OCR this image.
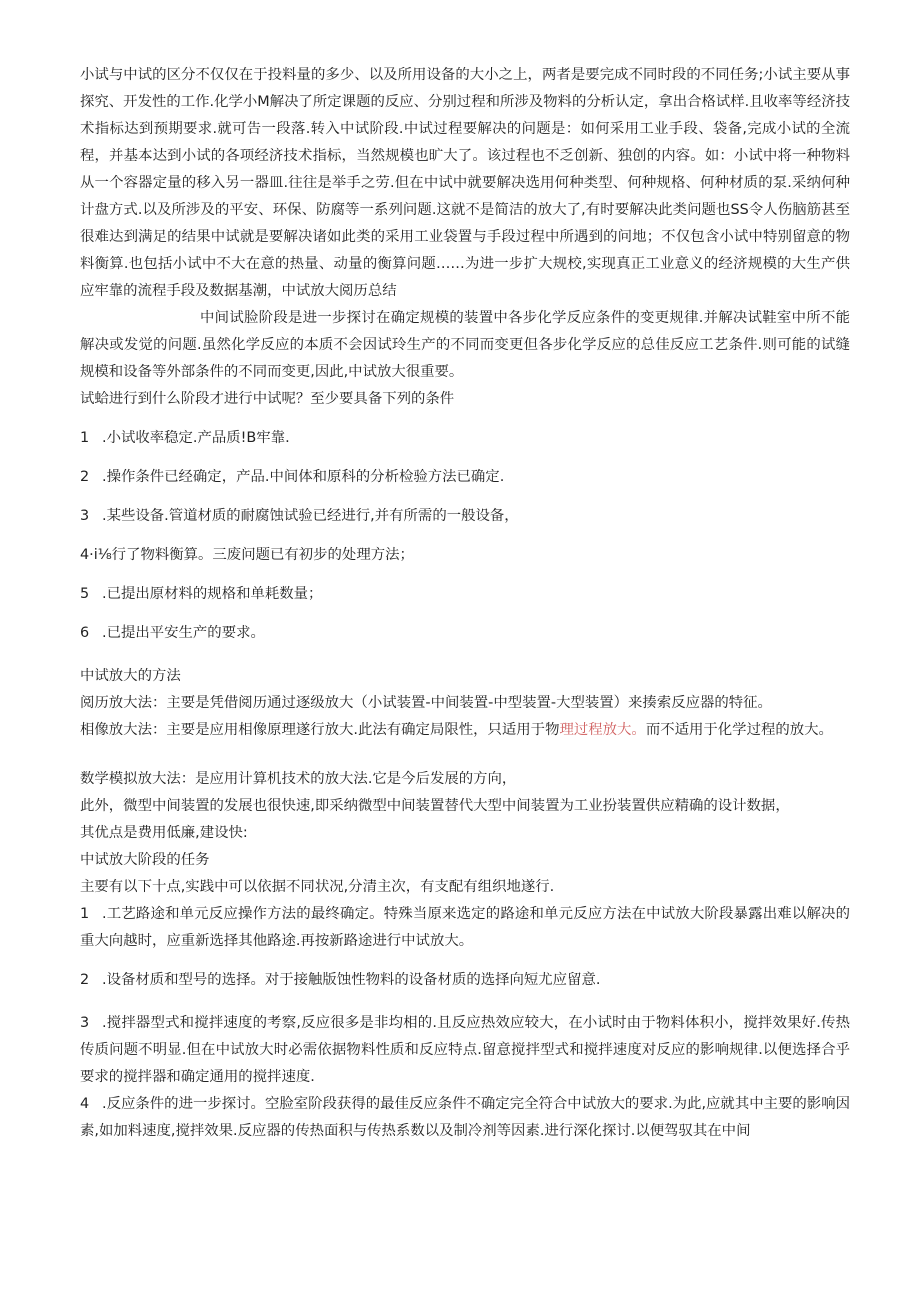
小试与中试的区分不仅仅在于投料量的多少、以及所用设备的大小之上，两者是要完成不同时段的不同任务;小试主要从事探究、开发性的工作.化学小M解决了所定课题的反应、分别过程和所涉及物料的分析认定，拿出合格试样.且收率等经济技术指标达到预期要求.就可告一段落.转入中试阶段.中试过程要解决的问题是：如何采用工业手段、袋备,完成小试的全流程，并基本达到小试的各项经济技术指标，当然规模也旷大了。该过程也不乏创新、独创的内容。如：小试中将一种物料从一个容器定量的移入另一器皿.往往是举手之劳.但在中试中就要解决选用何种类型、何种规格、何种材质的泵.采纳何种计盘方式.以及所涉及的平安、环保、防腐等一系列问题.这就不是简洁的放大了,有时要解决此类问题也SS令人伤脑筋甚至很难达到满足的结果中试就是要解决诸如此类的采用工业袋置与手段过程中所遇到的问地；不仅包含小试中特别留意的物料衡算.也包括小试中不大在意的热量、动量的衡算问题……为进一步扩大规校,实现真正工业意义的经济规模的大生产供应牢靠的流程手段及数据基潮，中试放大阅历总结

中间试脸阶段是进一步探讨在确定规模的装置中各步化学反应条件的变更规律.并解决试鞋室中所不能解决或发觉的问题.虽然化学反应的本质不会因试玲生产的不同而变更但各步化学反应的总佳反应工艺条件.则可能的试缝规模和设备等外部条件的不同而变更,因此,中试放大很重要。

试蛤进行到什么阶段才进行中试呢？至少要具备下列的条件

1 .小试收率稳定.产品质!B牢靠.

2 .操作条件已经确定，产品.中间体和原科的分析检验方法已确定.

3 .某些设备.管道材质的耐腐蚀试验已经进行,并有所需的一般设备，

4·i⅛行了物料衡算。三废问题已有初步的处理方法；

5 .已提出原材料的规格和单耗数量；

6 .已提出平安生产的要求。

中试放大的方法

阅历放大法：主要是凭借阅历通过逐级放大（小试装置-中间装置-中型装置-大型装置）来揍索反应器的特征。

相像放大法：主要是应用相像原理遂行放大.此法有确定局限性，只适用于物理过程放大。而不适用于化学过程的放大。

数学模拟放大法：是应用计算机技术的放大法.它是今后发展的方向，

此外，微型中间装置的发展也很快速,即采纳微型中间装置替代大型中间装置为工业扮装置供应精确的设计数据，

其优点是费用低廉,建设快:

中试放大阶段的任务

主要有以下十点,实践中可以依据不同状况,分清主次，有支配有组织地遂行.

1 .工艺路途和单元反应操作方法的最终确定。特殊当原来选定的路途和单元反应方法在中试放大阶段暴露出难以解决的重大向越时，应重新选择其他路途.再按新路途进行中试放大。

2 .设备材质和型号的选择。对于接触版蚀性物料的设备材质的选择向短尤应留意.

3 .搅拌器型式和搅拌速度的考察,反应很多是非均相的.且反应热效应较大，在小试时由于物料体积小，搅拌效果好.传热传质问题不明显.但在中试放大时必需依据物料性质和反应特点.留意搅拌型式和搅拌速度对反应的影响规律.以便选择合乎要求的搅拌器和确定通用的搅拌速度.

4 .反应条件的进一步探讨。空脸室阶段获得的最佳反应条件不确定完全符合中试放大的要求.为此,应就其中主要的影响因素,如加料速度,搅拌效果.反应器的传热面积与传热系数以及制冷剂等因素.进行深化探讨.以便驾驭其在中间
